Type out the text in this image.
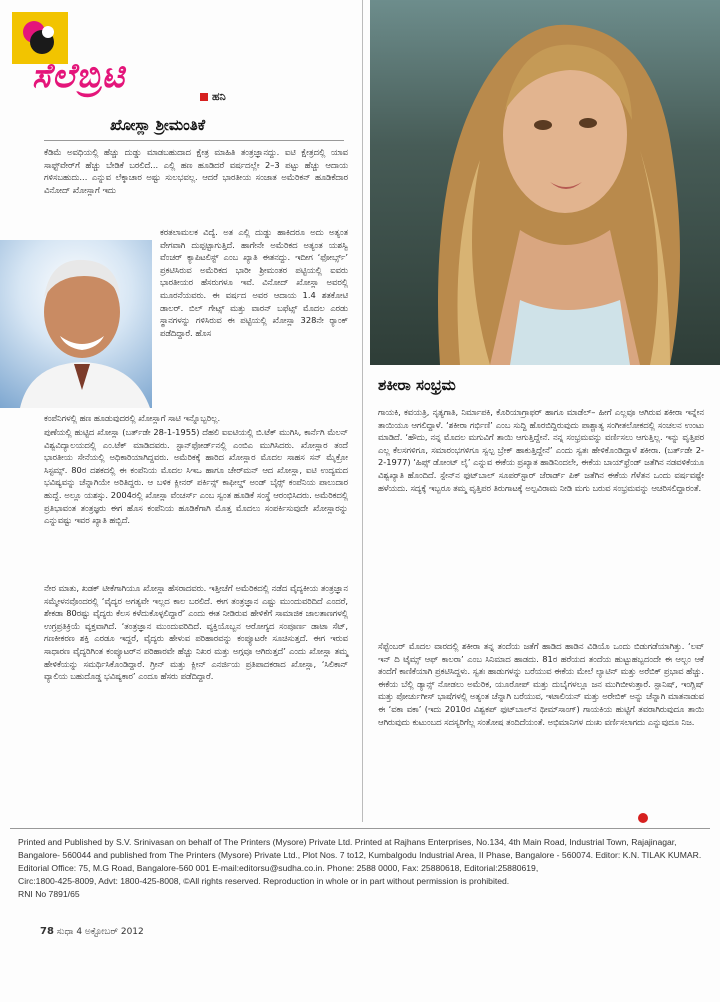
ಸೆಲೆಬ್ರಿಟಿ
ಹನಿ
ಖೋಸ್ಲಾ ಶ್ರೀಮಂತಿಕೆ

ಕೆಡಿಮೆ ಅವಧಿಯಲ್ಲಿ ಹೆಚ್ಚು ದುಡ್ಡು ಮಾಡಬಹುದಾದ ಕ್ಷೇತ್ರ ಮಾಹಿತಿ ತಂತ್ರಜ್ಞಾನದ್ದು. ಐಟಿ ಕ್ಷೇತ್ರದಲ್ಲಿ ಯಾವ ಸಾಫ್ಟ್‌ವೇರ್‌ಗೆ ಹೆಚ್ಚು ಬೇಡಿಕೆ ಬರಲಿದೆ... ಎಲ್ಲಿ ಹಣ ಹೂಡಿದರೆ ವರ್ಷದಲ್ಲೇ 2–3 ಪಟ್ಟು ಹೆಚ್ಚು ಆದಾಯ ಗಳಿಸಬಹುದು... ಎನ್ನುವ ಲೆಕ್ಕಾಚಾರ ಅಷ್ಟು ಸುಲಭವಲ್ಲ. ಆದರೆ ಭಾರತೀಯ ಸಂಜಾತ ಅಮೆರಿಕನ್ ಹೂಡಿಕೆದಾರ ವಿನೋದ್ ಖೋಸ್ಲಾಗೆ ಇದು

ಕರತಲಾಮಲಕ ವಿದ್ಯೆ. ಅತ ಎಲ್ಲಿ ದುಡ್ಡು ಹಾಕಿದರೂ ಅದು ಅತ್ಯಂತ ವೇಗವಾಗಿ ದುಪ್ಪಟ್ಟಾಗುತ್ತಿದೆ. ಹಾಗೇನೇ ಅಮೆರಿಕದ ಅತ್ಯಂತ ಯಶಸ್ವಿ ವೆಂಚರ್ ಕ್ಯಾಪಿಟಲಿಸ್ಟ್ ಎಂಬ ಖ್ಯಾತಿ ಈತನದ್ದು. ಇದೀಗ ‘ಫೋರ್ಬ್ಸ್’ ಪ್ರಕಟಿಸಿರುವ ಅಮೆರಿಕದ ಭಾರೀ ಶ್ರೀಮಂತರ ಪಟ್ಟಿಯಲ್ಲಿ ಐವರು ಭಾರತೀಯರ ಹೆಸರುಗಳೂ ಇವೆ. ವಿನೋದ್ ಖೋಸ್ಲಾ ಅವರಲ್ಲಿ ಮೂರನೆಯವರು. ಈ ವರ್ಷದ ಅವರ ಆದಾಯ 1.4 ಶತಕೋಟಿ ಡಾಲರ್. ಬಿಲ್ ಗೇಟ್ಸ್ ಮತ್ತು ವಾರನ್ ಬಫೆಟ್ಸ್ ಮೊದಲ ಎರಡು ಸ್ಥಾನಗಳನ್ನು ಗಳಿಸಿರುವ ಈ ಪಟ್ಟಿಯಲ್ಲಿ ಖೋಸ್ಲಾ 328ನೇ ರ‍್ಯಾಂಕ್ ಪಡೆದಿದ್ದಾರೆ. ಹೊಸ

ಕಂಪೆನಿಗಳಲ್ಲಿ ಹಣ ಹೂಡುವುದರಲ್ಲಿ ಖೋಸ್ಲಾಗೆ ಸಾಟಿ ಇನ್ನೊಬ್ಬರಿಲ್ಲ.

ಪುಣೆಯಲ್ಲಿ ಹುಟ್ಟಿದ ಖೋಸ್ಲಾ (ಬರ್ತ್‌ಡೇ 28-1-1955) ದೆಹಲಿ ಐಐಟಿಯಲ್ಲಿ ಬಿ.ಟೆಕ್ ಮುಗಿಸಿ, ಕಾರ್ನೆಗಿ ಮೆಲನ್ ವಿಶ್ವವಿದ್ಯಾಲಯದಲ್ಲಿ ಎಂ.ಟೆಕ್ ಮಾಡಿದವರು. ಸ್ಟಾನ್‌ಫೋರ್ಡ್‌ನಲ್ಲಿ ಎಂಬಿಎ ಮುಗಿಸಿದರು. ಖೋಸ್ಲಾರ ತಂದೆ ಭಾರತೀಯ ಸೇನೆಯಲ್ಲಿ ಅಧಿಕಾರಿಯಾಗಿದ್ದವರು. ಅಮೆರಿಕಕ್ಕೆ ಹಾರಿದ ಖೋಸ್ಲಾರ ಮೊದಲ ಸಾಹಸ ಸನ್ ಮೈಕ್ರೋ ಸಿಸ್ಟಮ್ಸ್. 80ರ ದಶಕದಲ್ಲಿ ಈ ಕಂಪೆನಿಯ ಮೊದಲ ಸಿಇಒ ಹಾಗೂ ಚೇರ್‌ಮನ್ ಆದ ಖೋಸ್ಲಾ, ಐಟಿ ಉದ್ಯಮದ ಭವಿಷ್ಯವನ್ನು ಚೆನ್ನಾಗಿಯೇ ಅರಿತಿದ್ದರು. ಆ ಬಳಿಕ ಕ್ಲೀನರ್ ಪರ್ಕಿನ್ಸ್ ಕಾಫೀಲ್ಡ್ ಅಂಡ್ ಬೈರ‍್ಸ್ ಕಂಪೆನಿಯ ಪಾಲುದಾರ ಹುದ್ದೆ. ಅಲ್ಲೂ ಯಶಸ್ಸು. 2004ರಲ್ಲಿ ಖೋಸ್ಲಾ ವೆಂಚರ್ಸ್ ಎಂಬ ಸ್ವಂತ ಹೂಡಿಕೆ ಸಂಸ್ಥೆ ಆರಂಭಿಸಿದರು. ಅಮೆರಿಕದಲ್ಲಿ ಪ್ರತಿಭಾವಂತ ತಂತ್ರಜ್ಞರು ಈಗ ಹೊಸ ಕಂಪೆನಿಯ ಹೂಡಿಕೆಗಾಗಿ ಮೊತ್ತ ಮೊದಲು ಸಂಪರ್ಕಿಸುವುದೇ ಖೋಸ್ಲಾರನ್ನು ಎನ್ನುವಷ್ಟು ಇವರ ಖ್ಯಾತಿ ಹಬ್ಬಿದೆ.

ನೇರ ಮಾತು, ಖಡಕ್ ಟೀಕೆಗಾಗಿಯೂ ಖೋಸ್ಲಾ ಹೆಸರಾದವರು. ಇತ್ತೀಚೆಗೆ ಅಮೆರಿಕದಲ್ಲಿ ನಡೆದ ವೈದ್ಯಕೀಯ ತಂತ್ರಜ್ಞಾನ ಸಮ್ಮೇಳನವೊಂದರಲ್ಲಿ ‘ವೈದ್ಯರ ಅಗತ್ಯವೇ ಇಲ್ಲದ ಕಾಲ ಬರಲಿದೆ. ಈಗ ತಂತ್ರಜ್ಞಾನ ಎಷ್ಟು ಮುಂದುವರಿದಿದೆ ಎಂದರೆ, ಶೇಕಡಾ 80ರಷ್ಟು ವೈದ್ಯರು ಕೆಲಸ ಕಳೆದುಕೊಳ್ಳಲಿದ್ದಾರೆ’ ಎಂದು ಈತ ನೀಡಿರುವ ಹೇಳಿಕೆಗೆ ಸಾಮಾಜಿಕ ಜಾಲತಾಣಗಳಲ್ಲಿ ಉಗ್ರಪ್ರತಿಕ್ರಿಯೆ ವ್ಯಕ್ತವಾಗಿದೆ. ‘ತಂತ್ರಜ್ಞಾನ ಮುಂದುವರಿದಿದೆ. ವ್ಯಕ್ತಿಯೊಬ್ಬನ ಆರೋಗ್ಯದ ಸಂಪೂರ್ಣ ಡಾಟಾ ಸೆಟ್, ಗಣಕೀಕರಣ ಶಕ್ತಿ ಎರಡೂ ಇದ್ದರೆ, ವೈದ್ಯರು ಹೇಳುವ ಪರಿಹಾರವನ್ನು ಕಂಪ್ಯೂಟರೇ ಸೂಚಿಸುತ್ತದೆ. ಈಗ ಇರುವ ಸಾಧಾರಣ ವೈದ್ಯರಿಗಿಂತ ಕಂಪ್ಯೂಟರ್‌ನ ಪರಿಹಾರವೇ ಹೆಚ್ಚು ನಿಖರ ಮತ್ತು ಅಗ್ಗವೂ ಆಗಿರುತ್ತದೆ’ ಎಂದು ಖೋಸ್ಲಾ ತಮ್ಮ ಹೇಳಿಕೆಯನ್ನು ಸಮರ್ಥಿಸಿಕೊಂಡಿದ್ದಾರೆ. ಗ್ರೀನ್ ಮತ್ತು ಕ್ಲೀನ್ ಎನರ್ಜಿಯ ಪ್ರತಿಪಾದಕರಾದ ಖೋಸ್ಲಾ, ‘ಸಿಲಿಕಾನ್ ವ್ಯಾಲಿಯ ಬಹುದೊಡ್ಡ ಭವಿಷ್ಯಕಾರ’ ಎಂದೂ ಹೆಸರು ಪಡೆದಿದ್ದಾರೆ.

ಶಕೀರಾ ಸಂಭ್ರಮ

ಗಾಯಕಿ, ಕವಯತ್ರಿ, ನೃತ್ಯಗಾತಿ, ನಿರ್ಮಾಪಕಿ, ಕೊರಿಯಾಗ್ರಾಫರ್ ಹಾಗೂ ಮಾಡೆಲ್– ಹೀಗೆ ಎಲ್ಲವೂ ಆಗಿರುವ ಶಕೀರಾ ಇನ್ನೇನ ತಾಯಿಯೂ ಆಗಲಿದ್ದಾಳೆ. ‘ಶಕೀರಾ ಗರ್ಭಿಣಿ’ ಎಂಬ ಸುದ್ದಿ ಹೊರಬಿದ್ದಿರುವುದು ಪಾಶ್ಚಾತ್ಯ ಸಂಗೀತಲೋಕದಲ್ಲಿ ಸಂಚಲನ ಉಂಟು ಮಾಡಿದೆ. ‘ಹೌದು, ನನ್ನ ಮೊದಲ ಮಗುವಿಗೆ ತಾಯಿ ಆಗುತ್ತಿದ್ದೇನೆ. ನನ್ನ ಸಂಭ್ರಮವನ್ನು ವರ್ಣಿಸಲು ಆಗುತ್ತಿಲ್ಲ. ಇನ್ನು ವೃತ್ತಿಪರ ಎಲ್ಲ ಕೆಲಸಗಳಿಗೂ, ಸಮಾರಂಭಗಳಿಗೂ ಸ್ವಲ್ಪ ಬ್ರೇಕ್ ಹಾಕುತ್ತಿದ್ದೇನೆ’ ಎಂದು ಸ್ವತಃ ಹೇಳಿಕೊಂಡಿದ್ದಾಳೆ ಶಕೀರಾ. (ಬರ್ತ್‌ಡೇ 2-2-1977) ‘ಹಿಪ್ಸ್ ಡೋಂಟ್ ಲೈ’ ಎನ್ನುವ ಈಕೆಯ ಪ್ರಖ್ಯಾತ ಹಾಡಿನಿಂದಲೇ, ಈಕೆಯ ಬಾಯ್‌ಫ್ರೆಂಡ್ ಜತೆಗಿನ ನಡವಳಿಕೆಯೂ ವಿಶ್ವಖ್ಯಾತಿ ಹೊಂದಿದೆ. ಸ್ಪೇನ್‌ನ ಫುಟ್‌ಬಾಲ್ ಸೂಪರ್‌ಸ್ಟಾರ್ ಜೆರಾರ್ಡ್ ಪಿಕ್ ಜತೆಗಿನ ಈಕೆಯ ಗೆಳೆತನ ಒಂದು ವರ್ಷವಷ್ಟೇ ಹಳೆಯದು. ಸದ್ಯಕ್ಕೆ ಇಬ್ಬರೂ ತಮ್ಮ ವೃತ್ತಿಪರ ತಿರುಗಾಟಕ್ಕೆ ಅಲ್ಪವಿರಾಮ ನೀಡಿ ಮಗು ಬರುವ ಸಂಭ್ರಮವನ್ನು ಆಚರಿಸಲಿದ್ದಾರಂತೆ.

ಸೆಪ್ಟೆಂಬರ್ ಮೊದಲ ವಾರದಲ್ಲಿ ಶಕೀರಾ ತನ್ನ ತಂದೆಯ ಜತೆಗೆ ಹಾಡಿದ ಹಾಡಿನ ವಿಡಿಯೊ ಒಂದು ಬಿಡುಗಡೆಯಾಗಿತ್ತು. ‘ಲವ್ ಇನ್ ದಿ ಟೈಮ್ಸ್ ಆಫ್ ಕಾಲರಾ’ ಎಂಬ ಸಿನಿಮಾದ ಹಾಡದು. 81ರ ಹರೆಯದ ತಂದೆಯ ಹುಟ್ಟುಹಬ್ಬದಂದೇ ಈ ಆಲ್ಬಂ ಆಕೆ ತಂದೆಗೆ ಕಾಣಿಕೆಯಾಗಿ ಪ್ರಕಟಿಸಿದ್ದಳು. ಸ್ವತಃ ಹಾಡುಗಳನ್ನು ಬರೆಯುವ ಈಕೆಯ ಮೇಲೆ ಲ್ಯಾಟಿನ್ ಮತ್ತು ಅರೆಬಿಕ್ ಪ್ರಭಾವ ಹೆಚ್ಚು. ಈಕೆಯ ಬೆಲ್ಲಿ ಡ್ಯಾನ್ಸ್ ನೋಡಲು ಅಮೆರಿಕ, ಯೂರೋಪ್ ಮತ್ತು ದುಬೈಗಳಲ್ಲೂ ಜನ ಮುಗಿಬೀಳುತ್ತಾರೆ. ಸ್ಪಾನಿಷ್, ಇಂಗ್ಲಿಷ್ ಮತ್ತು ಪೋರ್ಚುಗೀಸ್ ಭಾಷೆಗಳಲ್ಲಿ ಅತ್ಯಂತ ಚೆನ್ನಾಗಿ ಬರೆಯುವ, ಇಟಾಲಿಯನ್ ಮತ್ತು ಅರೇಬಿಕ್ ಅನ್ನು ಚೆನ್ನಾಗಿ ಮಾತನಾಡುವ ಈ ‘ವಕಾ ವಕಾ’ (ಇದು 2010ರ ವಿಶ್ವಕಪ್ ಫುಟ್‌ಬಾಲ್‌ನ ಥೀಮ್‌ಸಾಂಗ್) ಗಾಯಕಿಯ ಹುಟ್ಟಿಗೆ ತವರಾಗಿರುವುದೂ ತಾಯಿ ಆಗಿರುವುದು ಕುಟುಂಬದ ಸದಸ್ಯರಿಗೆಲ್ಲ ಸಂತೋಷ ತಂದಿದೆಯಂತೆ. ಅಭಿಮಾನಿಗಳ ದುಃಖ ವರ್ಣಿಸಲಾಗದು ಎನ್ನುವುದೂ ನಿಜ.

Printed and Published by S.V. Srinivasan on behalf of The Printers (Mysore) Private Ltd. Printed at Rajhans Enterprises, No.134, 4th Main Road, Industrial Town, Rajajinagar, Bangalore- 560044 and published from The Printers (Mysore) Private Ltd., Plot Nos. 7 to12, Kumbalgodu Industrial Area, II Phase, Bangalore - 560074. Editor: K.N. TILAK KUMAR.

Editorial Office: 75, M.G Road, Bangalore-560 001 E-mail:editorsu@sudha.co.in. Phone: 2588 0000, Fax: 25880618, Editorial:25880619,

Circ:1800-425-8009, Advt: 1800-425-8008, ©All rights reserved. Reproduction in whole or in part without permission is prohibited.

RNI No 7891/65

78 ಸುಧಾ 4 ಅಕ್ಟೋಬರ್ 2012
